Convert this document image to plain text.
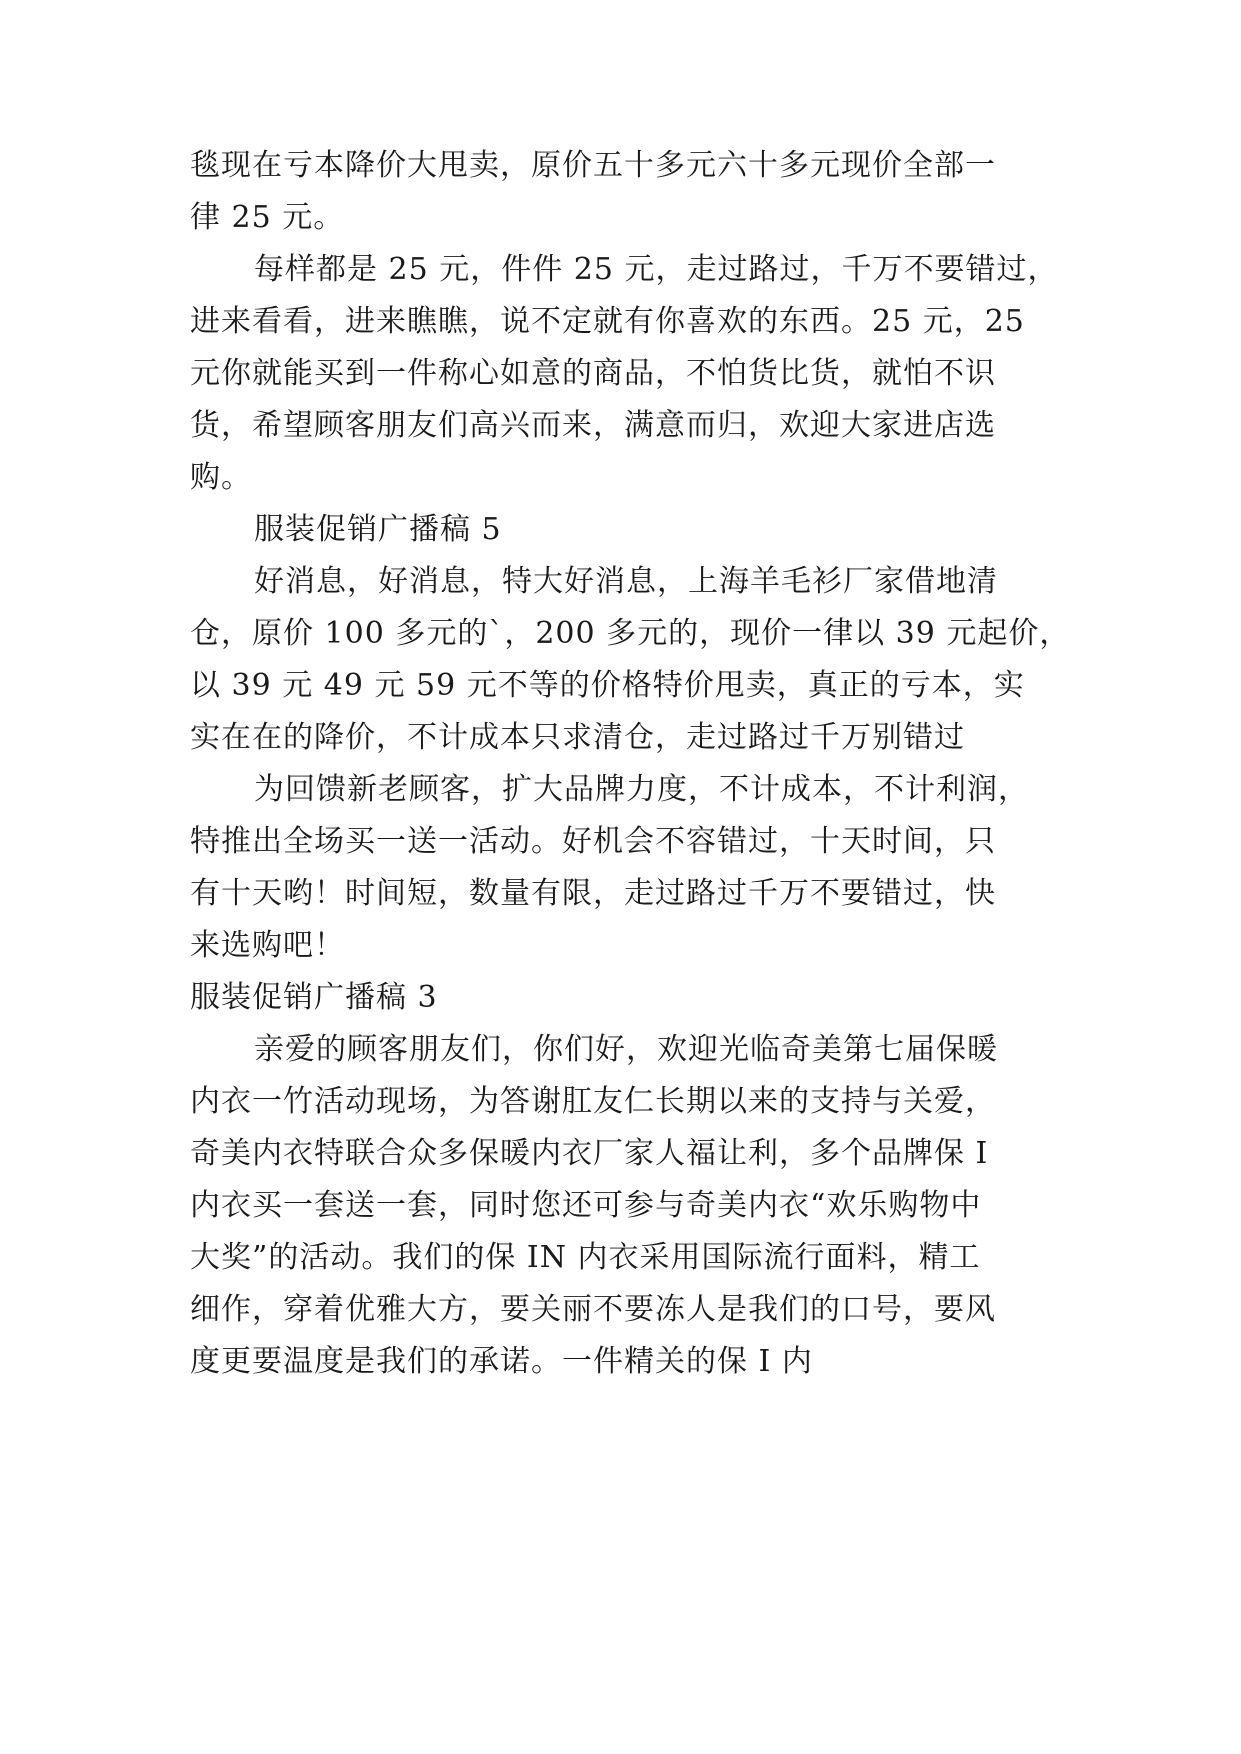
毯现在亏本降价大甩卖，原价五十多元六十多元现价全部一
律 25 元。
每样都是 25 元，件件 25 元，走过路过，千万不要错过，
进来看看，进来瞧瞧，说不定就有你喜欢的东西。25 元，25
元你就能买到一件称心如意的商品，不怕货比货，就怕不识
货，希望顾客朋友们高兴而来，满意而归，欢迎大家进店选
购。
服装促销广播稿 5
好消息，好消息，特大好消息，上海羊毛衫厂家借地清
仓，原价 100 多元的`，200 多元的，现价一律以 39 元起价，
以 39 元 49 元 59 元不等的价格特价甩卖，真正的亏本，实
实在在的降价，不计成本只求清仓，走过路过千万别错过
为回馈新老顾客，扩大品牌力度，不计成本，不计利润，
特推出全场买一送一活动。好机会不容错过，十天时间，只
有十天哟！时间短，数量有限，走过路过千万不要错过，快
来选购吧！
服装促销广播稿 3
亲爱的顾客朋友们，你们好，欢迎光临奇美第七届保暖
内衣一竹活动现场，为答谢肛友仁长期以来的支持与关爱，
奇美内衣特联合众多保暖内衣厂家人福让利，多个品牌保 I
内衣买一套送一套，同时您还可参与奇美内衣“欢乐购物中
大奖”的活动。我们的保 IN 内衣采用国际流行面料，精工
细作，穿着优雅大方，要关丽不要冻人是我们的口号，要风
度更要温度是我们的承诺。一件精关的保 I 内
